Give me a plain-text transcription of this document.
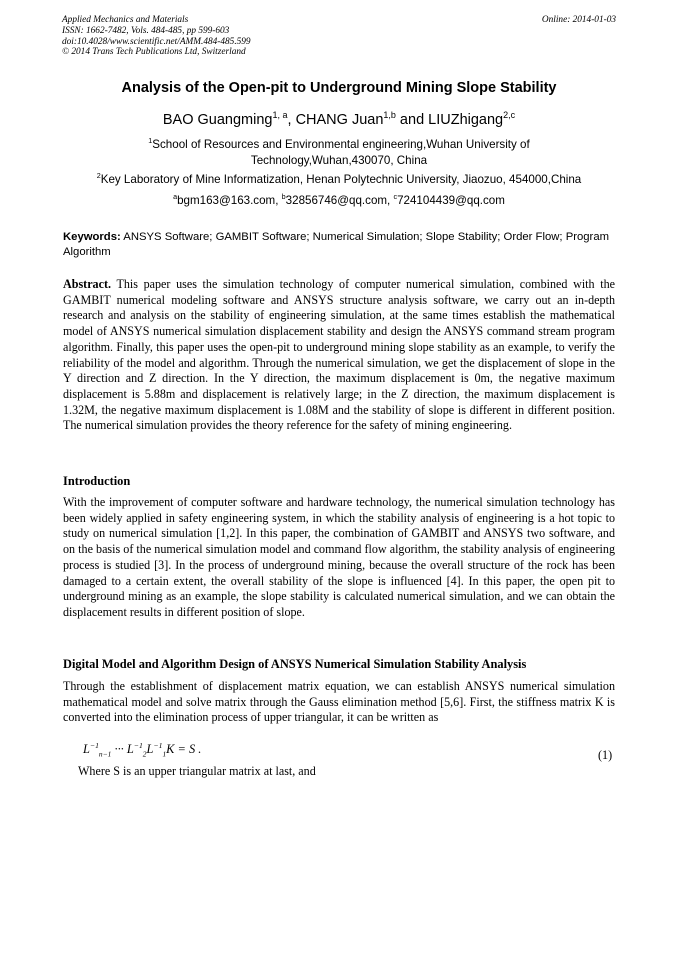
Applied Mechanics and Materials
ISSN: 1662-7482, Vols. 484-485, pp 599-603
doi:10.4028/www.scientific.net/AMM.484-485.599
© 2014 Trans Tech Publications Ltd, Switzerland
Online: 2014-01-03
Analysis of the Open-pit to Underground Mining Slope Stability
BAO Guangming$^{1, a}$, CHANG Juan$^{1,b}$ and LIUZhigang$^{2,c}$
$^1$School of Resources and Environmental engineering,Wuhan University of Technology,Wuhan,430070, China
$^2$Key Laboratory of Mine Informatization, Henan Polytechnic University, Jiaozuo, 454000,China
$^a$bgm163@163.com, $^b$32856746@qq.com, $^c$724104439@qq.com
Keywords: ANSYS Software; GAMBIT Software; Numerical Simulation; Slope Stability; Order Flow; Program Algorithm
Abstract. This paper uses the simulation technology of computer numerical simulation, combined with the GAMBIT numerical modeling software and ANSYS structure analysis software, we carry out an in-depth research and analysis on the stability of engineering simulation, at the same times establish the mathematical model of ANSYS numerical simulation displacement stability and design the ANSYS command stream program algorithm. Finally, this paper uses the open-pit to underground mining slope stability as an example, to verify the reliability of the model and algorithm. Through the numerical simulation, we get the displacement of slope in the Y direction and Z direction. In the Y direction, the maximum displacement is 0m, the negative maximum displacement is 5.88m and displacement is relatively large; in the Z direction, the maximum displacement is 1.32M, the negative maximum displacement is 1.08M and the stability of slope is different in different position. The numerical simulation provides the theory reference for the safety of mining engineering.
Introduction
With the improvement of computer software and hardware technology, the numerical simulation technology has been widely applied in safety engineering system, in which the stability analysis of engineering is a hot topic to study on numerical simulation [1,2]. In this paper, the combination of GAMBIT and ANSYS two software, and on the basis of the numerical simulation model and command flow algorithm, the stability analysis of engineering process is studied [3]. In the process of underground mining, because the overall structure of the rock has been damaged to a certain extent, the overall stability of the slope is influenced [4]. In this paper, the open pit to underground mining as an example, the slope stability is calculated numerical simulation, and we can obtain the displacement results in different position of slope.
Digital Model and Algorithm Design of ANSYS Numerical Simulation Stability Analysis
Through the establishment of displacement matrix equation, we can establish ANSYS numerical simulation mathematical model and solve matrix through the Gauss elimination method [5,6]. First, the stiffness matrix K is converted into the elimination process of upper triangular, it can be written as
$L^{-1}_{n-1}$ ··· $L^{-1}_2L^{-1}_1K = S$ .	(1)
Where S is an upper triangular matrix at last, and
